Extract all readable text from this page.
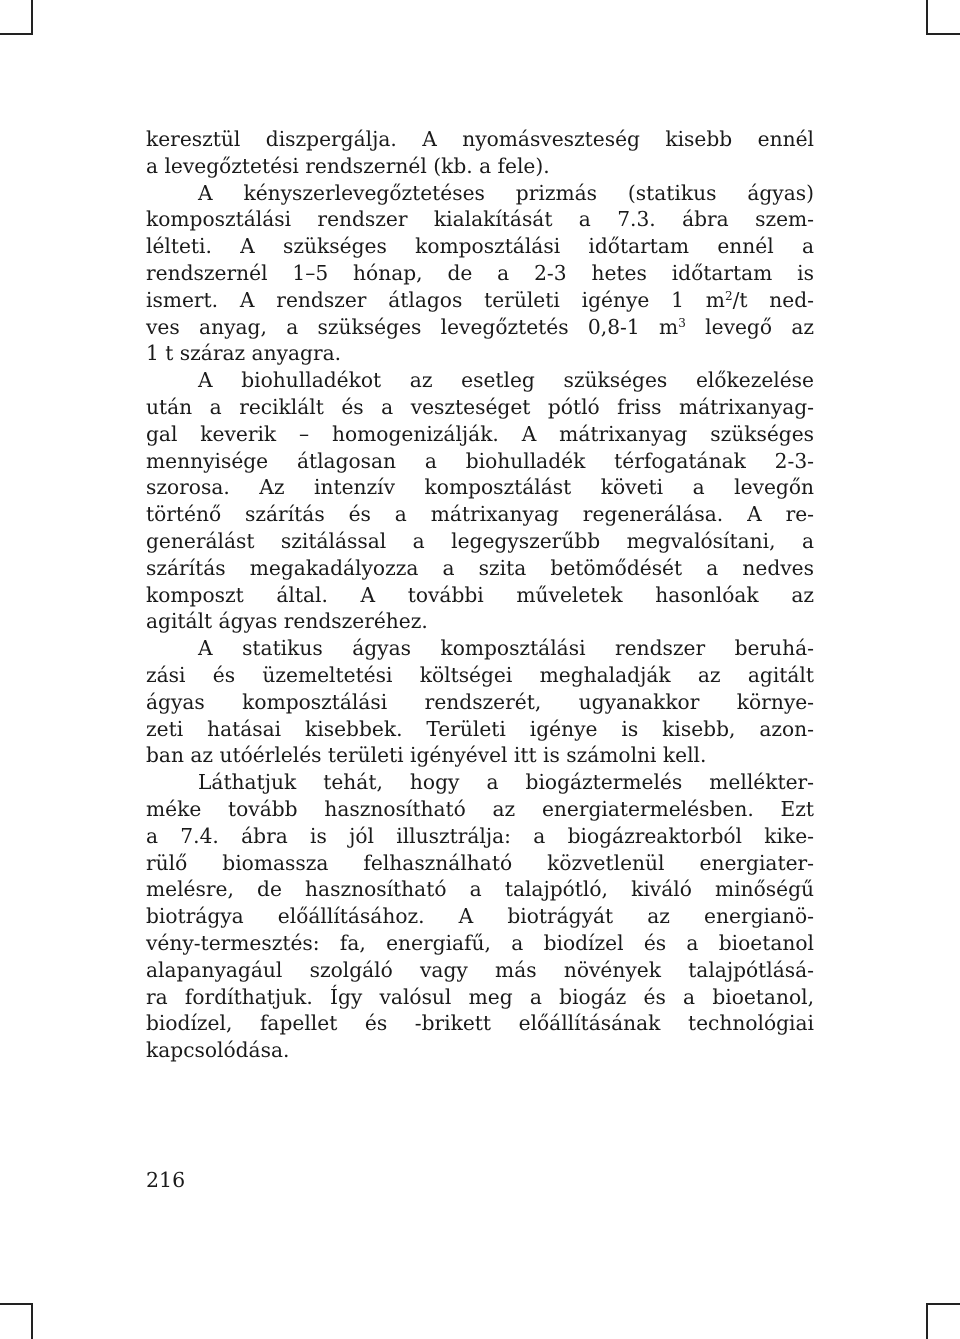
keresztül diszpergálja. A nyomásveszteség kisebb ennél
a levegőztetési rendszernél (kb. a fele).
A kényszerlevegőztetéses prizmás (statikus ágyas)
komposztálási rendszer kialakítását a 7.3. ábra szem-
lélteti. A szükséges komposztálási időtartam ennél a
rendszernél 1–5 hónap, de a 2-3 hetes időtartam is
ismert. A rendszer átlagos területi igénye 1 $m^2/t$ ned-
ves anyag, a szükséges levegőztetés 0,8-1 $m^3$ levegő az
1 t száraz anyagra.
A biohulladékot az esetleg szükséges előkezelése
után a reciklált és a veszteséget pótló friss mátrixanyag-
gal keverik – homogenizálják. A mátrixanyag szükséges
mennyisége átlagosan a biohulladék térfogatának 2-3-
szorosa. Az intenzív komposztálást követi a levegőn
történő szárítás és a mátrixanyag regenerálása. A re-
generálást szitálással a legegyszerűbb megvalósítani, a
szárítás megakadályozza a szita betömődését a nedves
komposzt által. A további műveletek hasonlóak az
agitált ágyas rendszeréhez.
A statikus ágyas komposztálási rendszer beruhá-
zási és üzemeltetési költségei meghaladják az agitált
ágyas komposztálási rendszerét, ugyanakkor környe-
zeti hatásai kisebbek. Területi igénye is kisebb, azon-
ban az utóérlelés területi igényével itt is számolni kell.
Láthatjuk tehát, hogy a biogáztermelés mellékter-
méke tovább hasznosítható az energiatermelésben. Ezt
a 7.4. ábra is jól illusztrálja: a biogázreaktorból kike-
rülő biomassza felhasználható közvetlenül energiater-
melésre, de hasznosítható a talajpótló, kiváló minőségű
biotrágya előállításához. A biotrágyát az energianö-
vény-termesztés: fa, energiafű, a biodízel és a bioetanol
alapanyagául szolgáló vagy más növények talajpótlásá-
ra fordíthatjuk. Így valósul meg a biogáz és a bioetanol,
biodízel, fapellet és -brikett előállításának technológiai
kapcsolódása.
216
